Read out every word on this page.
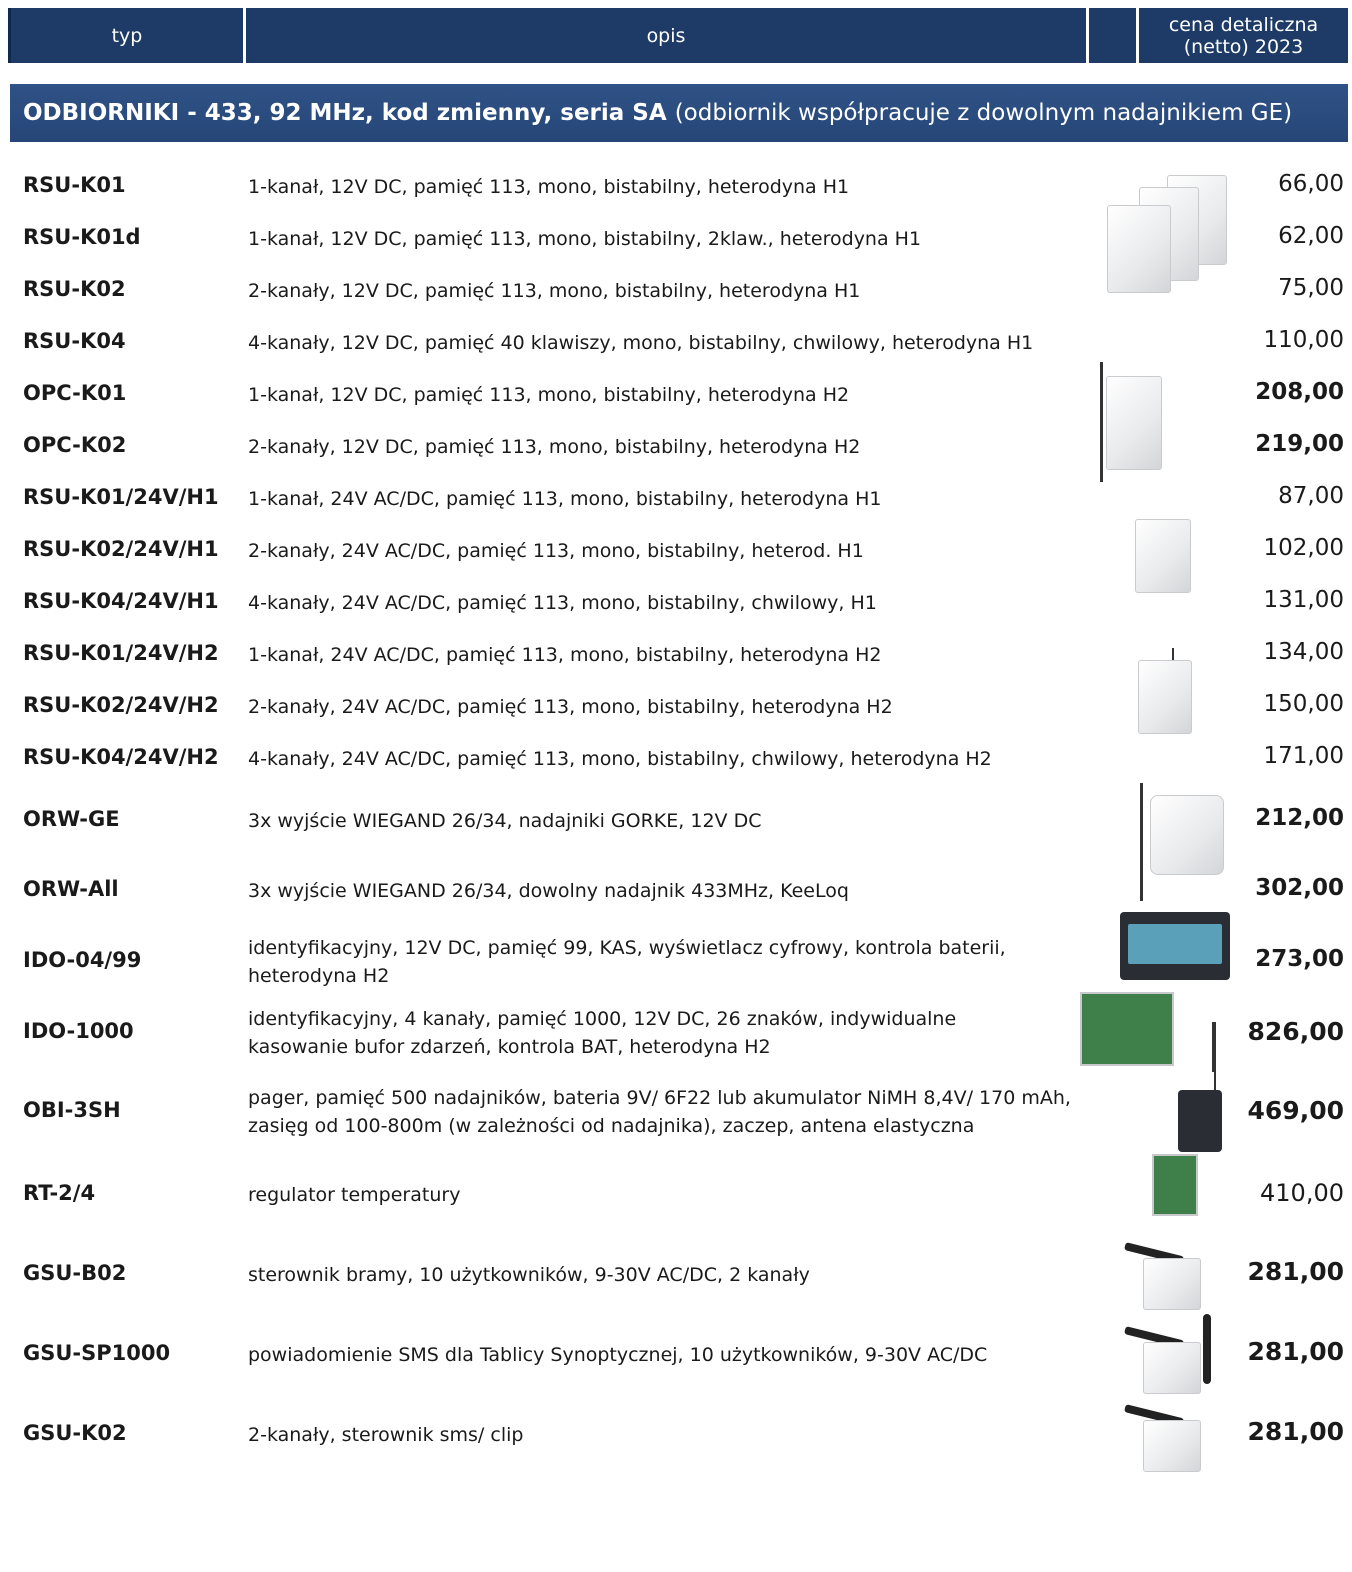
typ	opis	cena detaliczna
(netto) 2023
ODBIORNIKI - 433, 92 MHz, kod zmienny, seria SA (odbiornik współpracuje z dowolnym nadajnikiem GE)
RSU-K01	1-kanał, 12V DC, pamięć 113, mono, bistabilny, heterodyna H1	66,00
RSU-K01d	1-kanał, 12V DC, pamięć 113, mono, bistabilny, 2klaw., heterodyna H1	62,00
RSU-K02	2-kanały, 12V DC, pamięć 113, mono, bistabilny, heterodyna H1	75,00
RSU-K04	4-kanały, 12V DC, pamięć 40 klawiszy, mono, bistabilny, chwilowy, heterodyna H1	110,00
OPC-K01	1-kanał, 12V DC, pamięć 113, mono, bistabilny, heterodyna H2	208,00
OPC-K02	2-kanały, 12V DC, pamięć 113, mono, bistabilny, heterodyna H2	219,00
RSU-K01/24V/H1 1-kanał, 24V AC/DC, pamięć 113, mono, bistabilny, heterodyna H1	87,00
RSU-K02/24V/H1 2-kanały, 24V AC/DC, pamięć 113, mono, bistabilny, heterod. H1	102,00
RSU-K04/24V/H1 4-kanały, 24V AC/DC, pamięć 113, mono, bistabilny, chwilowy, H1	131,00
RSU-K01/24V/H2 1-kanał, 24V AC/DC, pamięć 113, mono, bistabilny, heterodyna H2	134,00
RSU-K02/24V/H2 2-kanały, 24V AC/DC, pamięć 113, mono, bistabilny, heterodyna H2	150,00
RSU-K04/24V/H2 4-kanały, 24V AC/DC, pamięć 113, mono, bistabilny, chwilowy, heterodyna H2	171,00
ORW-GE	3x wyjście WIEGAND 26/34, nadajniki GORKE, 12V DC	212,00
ORW-All	3x wyjście WIEGAND 26/34, dowolny nadajnik 433MHz, KeeLoq	302,00
IDO-04/99	identyfikacyjny, 12V DC, pamięć 99, KAS, wyświetlacz cyfrowy, kontrola baterii, heterodyna H2
273,00
IDO-1000	identyfikacyjny, 4 kanały, pamięć 1000, 12V DC, 26 znaków, indywidualne kasowanie bufor zdarzeń, kontrola BAT, heterodyna H2
826,00
OBI-3SH	pager, pamięć 500 nadajników, bateria 9V/ 6F22 lub akumulator NiMH 8,4V/ 170 mAh, zasięg od 100-800m (w zależności od nadajnika), zaczep, antena elastyczna
469,00
RT-2/4	regulator temperatury	410,00
GSU-B02	sterownik bramy, 10 użytkowników, 9-30V AC/DC, 2 kanały	281,00
GSU-SP1000	powiadomienie SMS dla Tablicy Synoptycznej, 10 użytkowników, 9-30V AC/DC	281,00
GSU-K02	2-kanały, sterownik sms/ clip	281,00
